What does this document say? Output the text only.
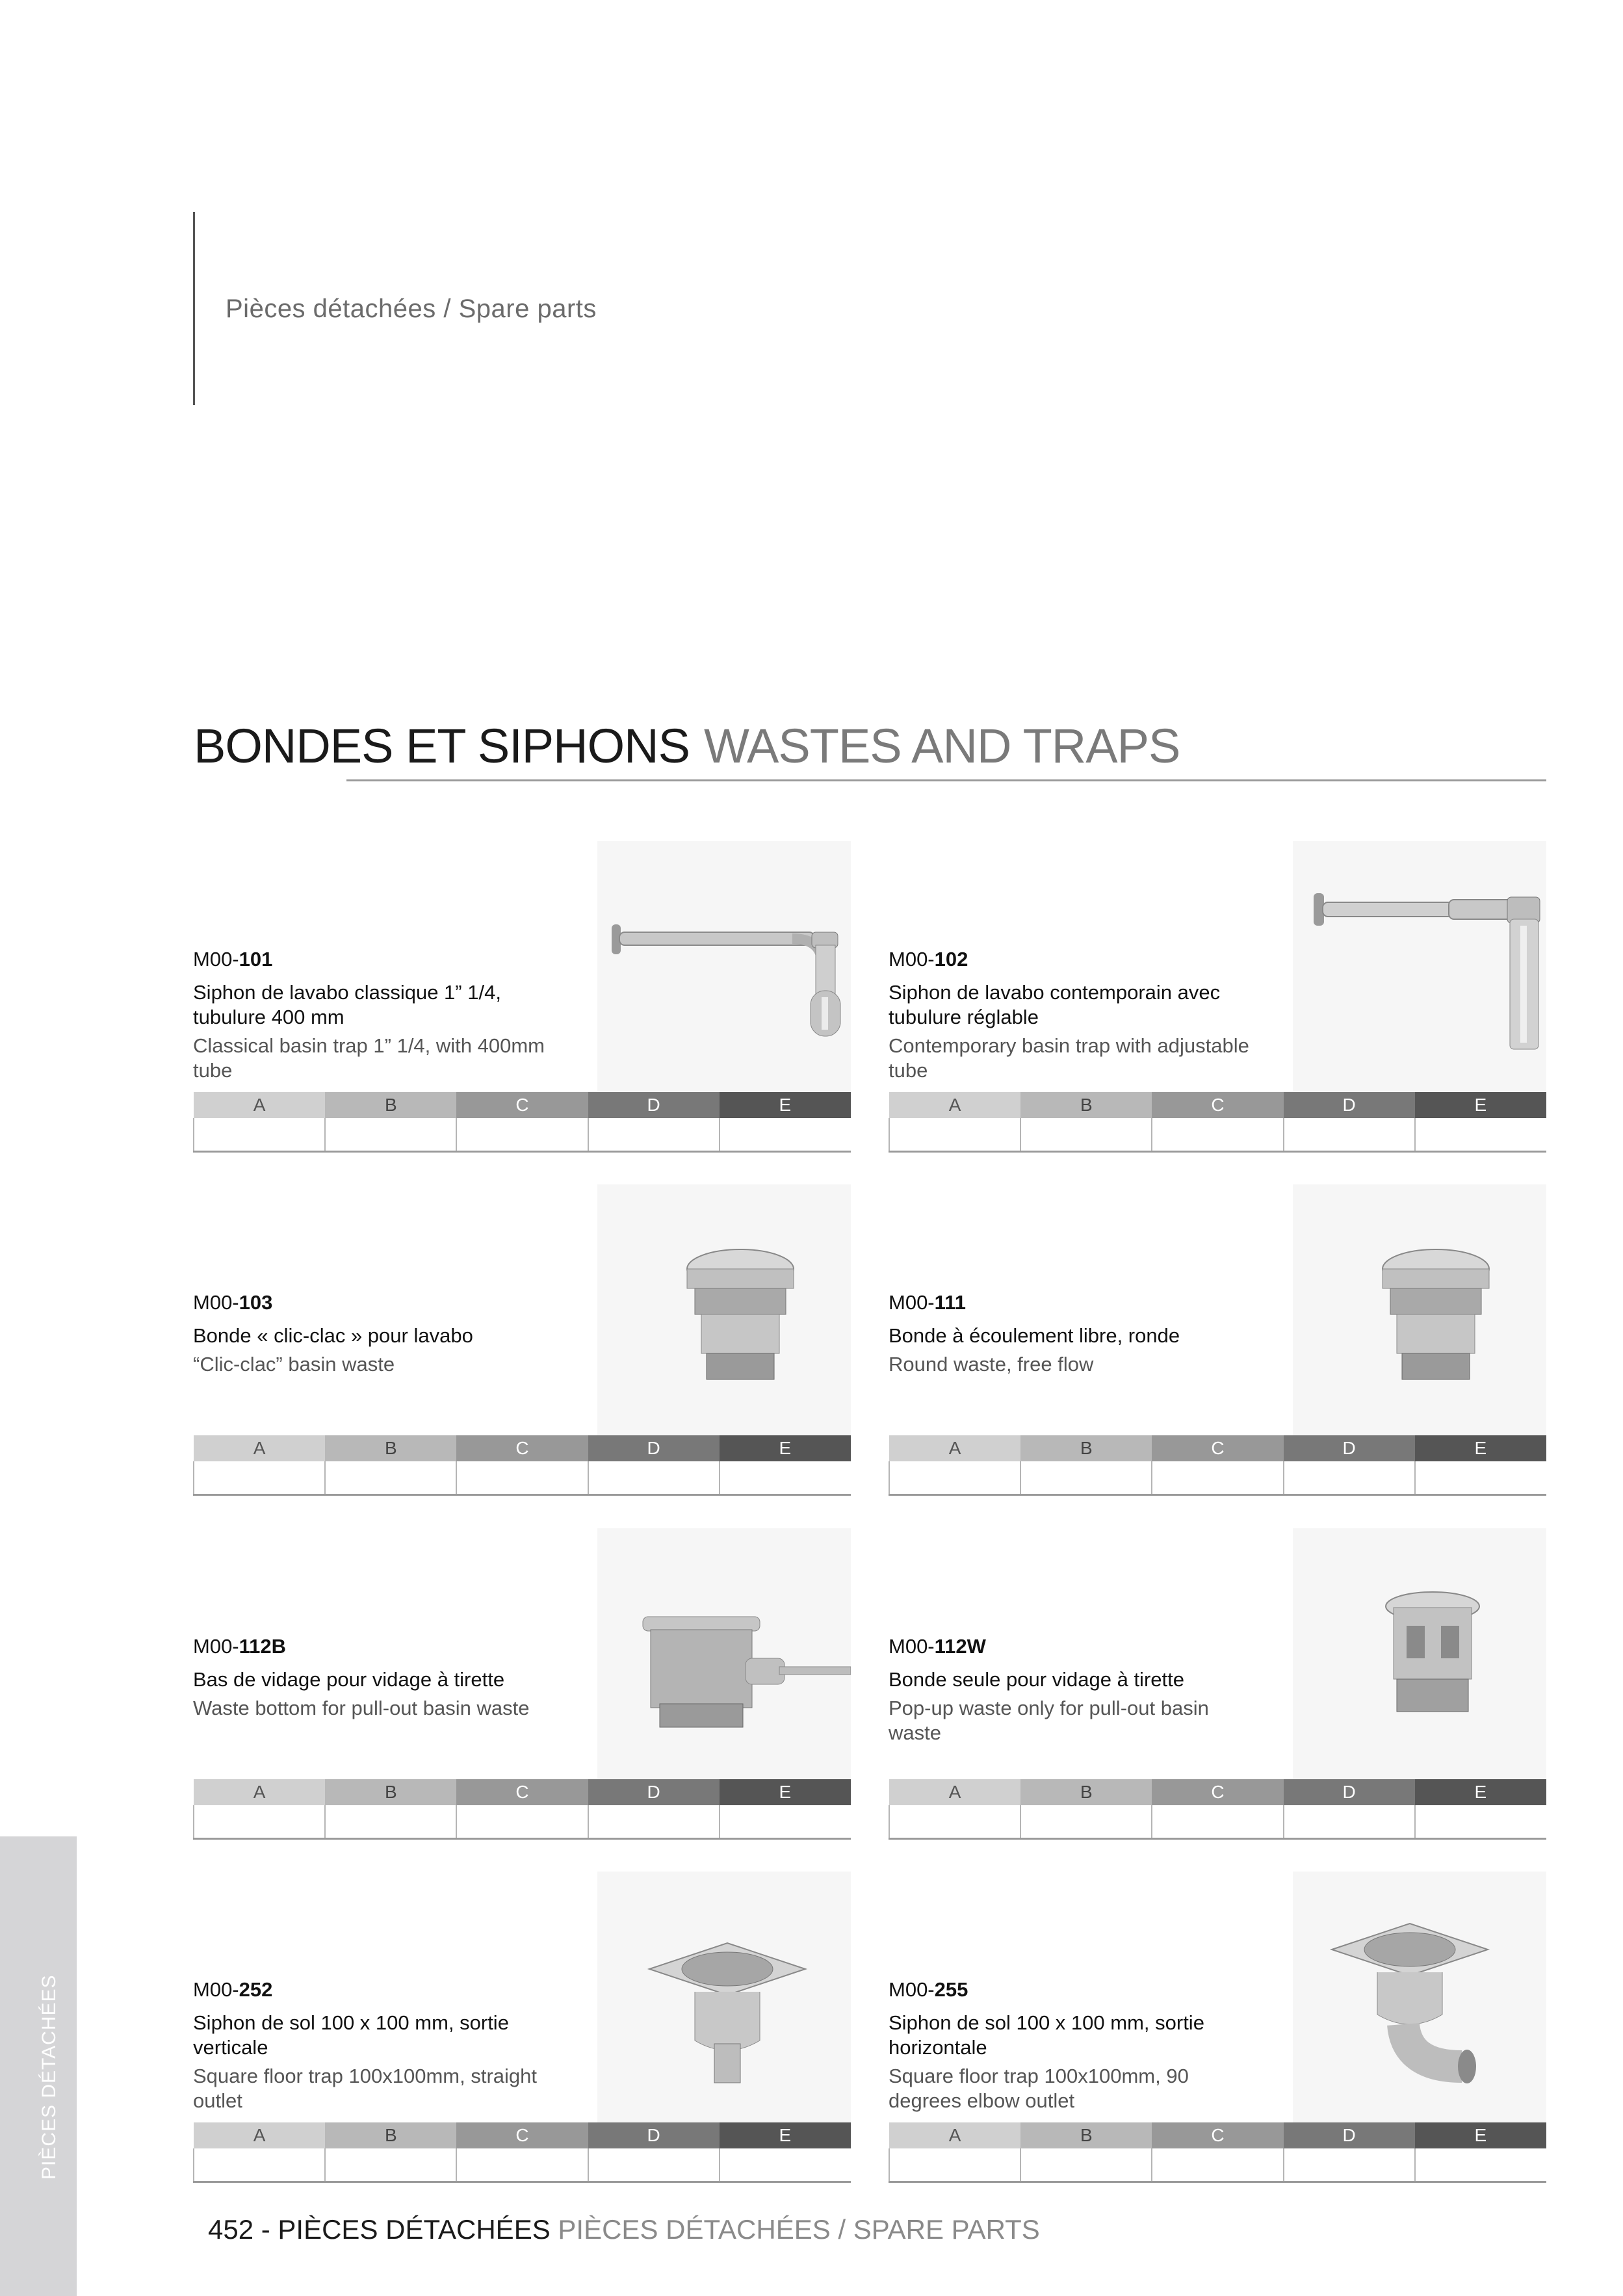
Pièces détachées / Spare parts
BONDES ET SIPHONS WASTES AND TRAPS
M00-101
Siphon de lavabo classique 1” 1/4, tubulure 400 mm
Classical basin trap 1” 1/4, with 400mm tube
A	B	C	D	E

M00-102
Siphon de lavabo contemporain avec tubulure réglable
Contemporary basin trap with adjustable tube
A	B	C	D	E

M00-103
Bonde « clic-clac » pour lavabo
“Clic-clac” basin waste
A	B	C	D	E

M00-111
Bonde à écoulement libre, ronde
Round waste, free flow
A	B	C	D	E

M00-112B
Bas de vidage pour vidage à tirette
Waste bottom for pull-out basin waste
A	B	C	D	E

M00-112W
Bonde seule pour vidage à tirette
Pop-up waste only for pull-out basin waste
A	B	C	D	E

M00-252
Siphon de sol 100 x 100 mm, sortie verticale
Square floor trap 100x100mm, straight outlet
A	B	C	D	E

M00-255
Siphon de sol 100 x 100 mm, sortie horizontale
Square floor trap 100x100mm, 90 degrees elbow outlet
A	B	C	D	E

PIÈCES DÉTACHÉES
452 - PIÈCES DÉTACHÉES PIÈCES DÉTACHÉES / SPARE PARTS
